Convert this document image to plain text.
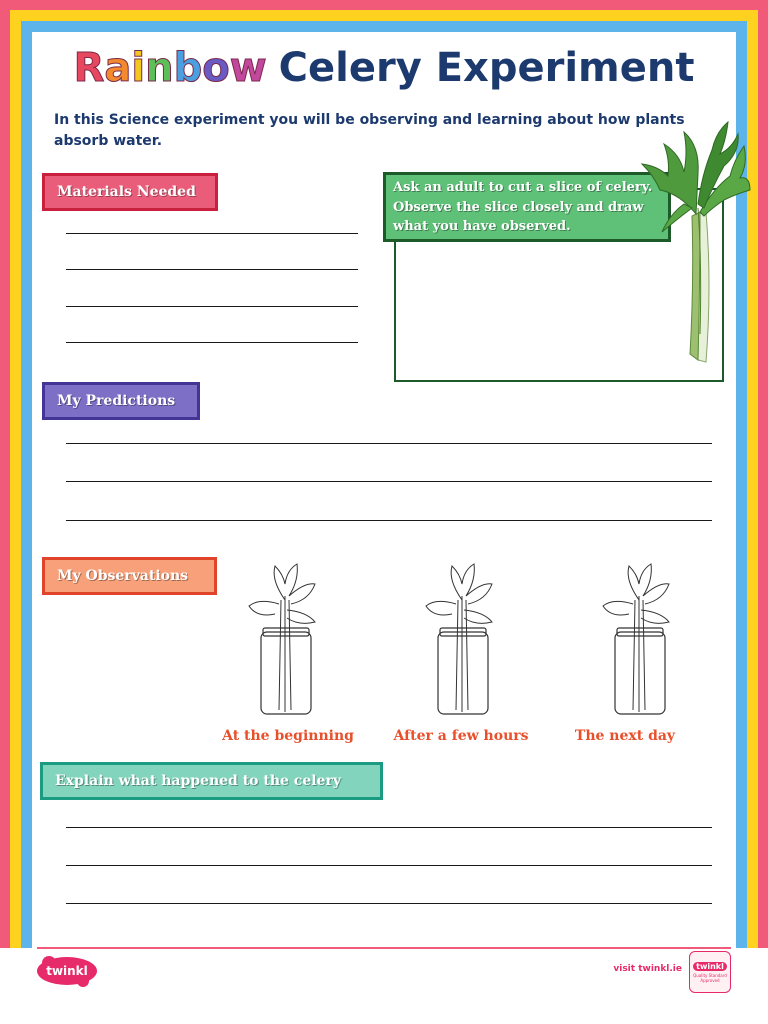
Rainbow Celery Experiment

In this Science experiment you will be observing and learning about how plants absorb water.

Materials Needed	Ask an adult to cut a slice of celery. Observe the slice closely and draw what you have observed.
My Predictions
My Observations
At the beginning	After a few hours	The next day
Explain what happened to the celery
twinkl	visit twinkl.ie	twinkl
Quality Standard Approved
